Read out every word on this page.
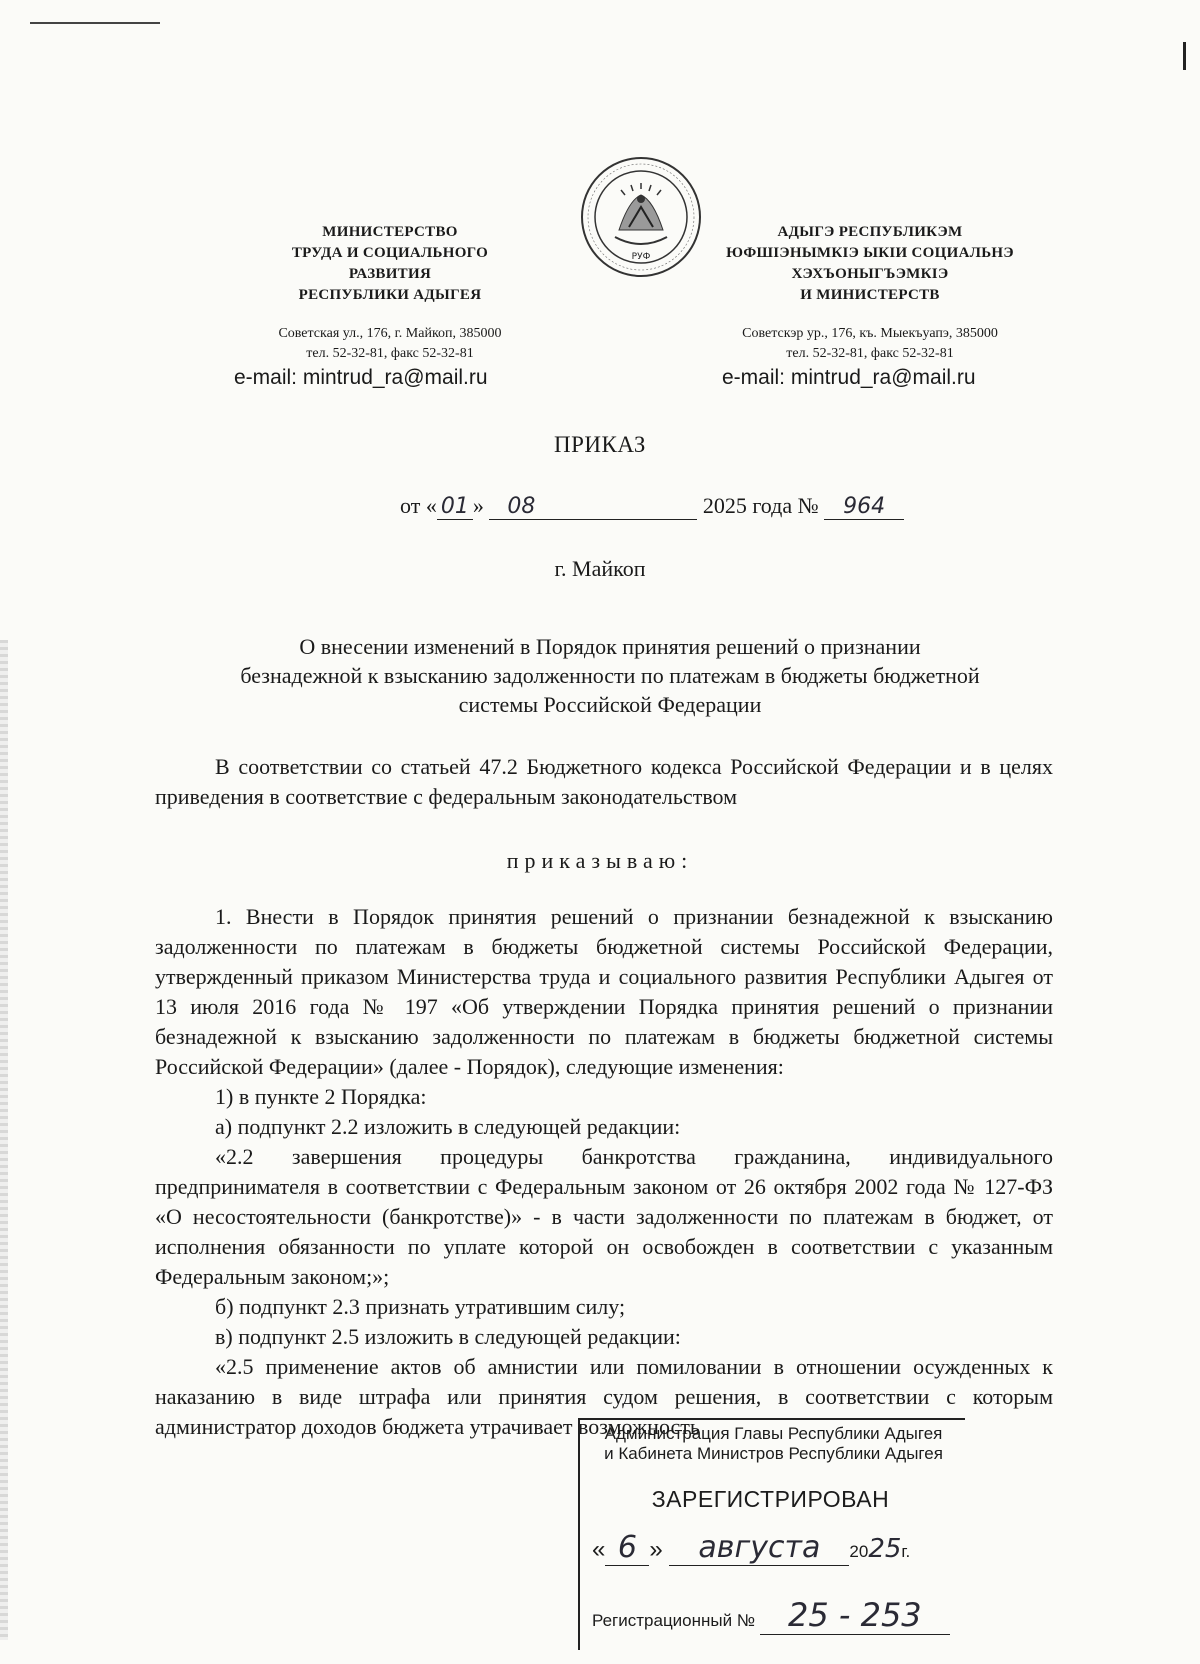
РУФ
МИНИСТЕРСТВО
ТРУДА И СОЦИАЛЬНОГО
РАЗВИТИЯ
РЕСПУБЛИКИ АДЫГЕЯ
Советская ул., 176, г. Майкоп, 385000
тел. 52-32-81, факс 52-32-81
e-mail: mintrud_ra@mail.ru
АДЫГЭ РЕСПУБЛИКЭМ
ЮФШІЭНЫМКІЭ ЫКІИ СОЦИАЛЬНЭ
ХЭХЪОНЫГЪЭМКІЭ
И МИНИСТЕРСТВ
Советскэр ур., 176, къ. Мыекъуапэ, 385000
тел. 52-32-81, факс 52-32-81
e-mail: mintrud_ra@mail.ru
ПРИКАЗ
от « 01 » 08	2025 года № 964
г. Майкоп
О внесении изменений в Порядок принятия решений о признании
безнадежной к взысканию задолженности по платежам в бюджеты бюджетной
системы Российской Федерации
В соответствии со статьей 47.2 Бюджетного кодекса Российской Федерации и в целях приведения в соответствие с федеральным законодательством
приказываю:

1. Внести в Порядок принятия решений о признании безнадежной к взысканию задолженности по платежам в бюджеты бюджетной системы Российской Федерации, утвержденный приказом Министерства труда и социального развития Республики Адыгея от 13 июля 2016 года № 197 «Об утверждении Порядка принятия решений о признании безнадежной к взысканию задолженности по платежам в бюджеты бюджетной системы Российской Федерации» (далее - Порядок), следующие изменения:

1) в пункте 2 Порядка:

а) подпункт 2.2 изложить в следующей редакции:

«2.2 завершения процедуры банкротства гражданина, индивидуального предпринимателя в соответствии с Федеральным законом от 26 октября 2002 года № 127-ФЗ «О несостоятельности (банкротстве)» - в части задолженности по платежам в бюджет, от исполнения обязанности по уплате которой он освобожден в соответствии с указанным Федеральным законом;»;

б) подпункт 2.3 признать утратившим силу;

в) подпункт 2.5 изложить в следующей редакции:

«2.5 применение актов об амнистии или помиловании в отношении осужденных к наказанию в виде штрафа или принятия судом решения, в соответствии с которым администратор доходов бюджета утрачивает возможность

Администрация Главы Республики Адыгея
и Кабинета Министров Республики Адыгея
ЗАРЕГИСТРИРОВАН
« 6 » августа 2025г.
Регистрационный № 25 - 253
